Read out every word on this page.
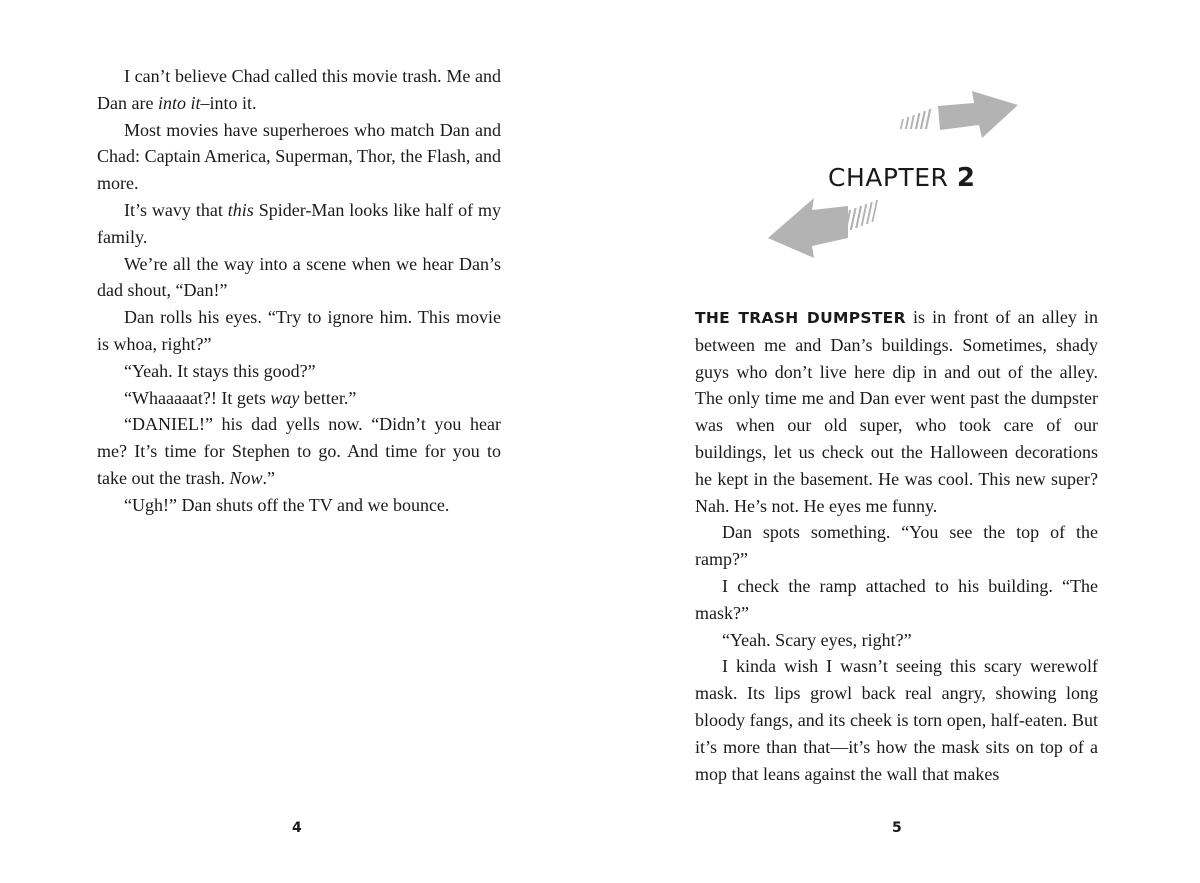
I can’t believe Chad called this movie trash. Me and Dan are into it–into it.

Most movies have superheroes who match Dan and Chad: Captain America, Superman, Thor, the Flash, and more.

It’s wavy that this Spider-Man looks like half of my family.

We’re all the way into a scene when we hear Dan’s dad shout, “Dan!”

Dan rolls his eyes. “Try to ignore him. This movie is whoa, right?”

“Yeah. It stays this good?”

“Whaaaaat?! It gets way better.”

“DANIEL!” his dad yells now. “Didn’t you hear me? It’s time for Stephen to go. And time for you to take out the trash. Now.”

“Ugh!” Dan shuts off the TV and we bounce.

4
CHAPTER 2

THE TRASH DUMPSTER is in front of an alley in between me and Dan’s buildings. Sometimes, shady guys who don’t live here dip in and out of the alley. The only time me and Dan ever went past the dumpster was when our old super, who took care of our buildings, let us check out the Halloween decorations he kept in the basement. He was cool. This new super? Nah. He’s not. He eyes me funny.

Dan spots something. “You see the top of the ramp?”

I check the ramp attached to his building. “The mask?”

“Yeah. Scary eyes, right?”

I kinda wish I wasn’t seeing this scary werewolf mask. Its lips growl back real angry, showing long bloody fangs, and its cheek is torn open, half-eaten. But it’s more than that—it’s how the mask sits on top of a mop that leans against the wall that makes

5
